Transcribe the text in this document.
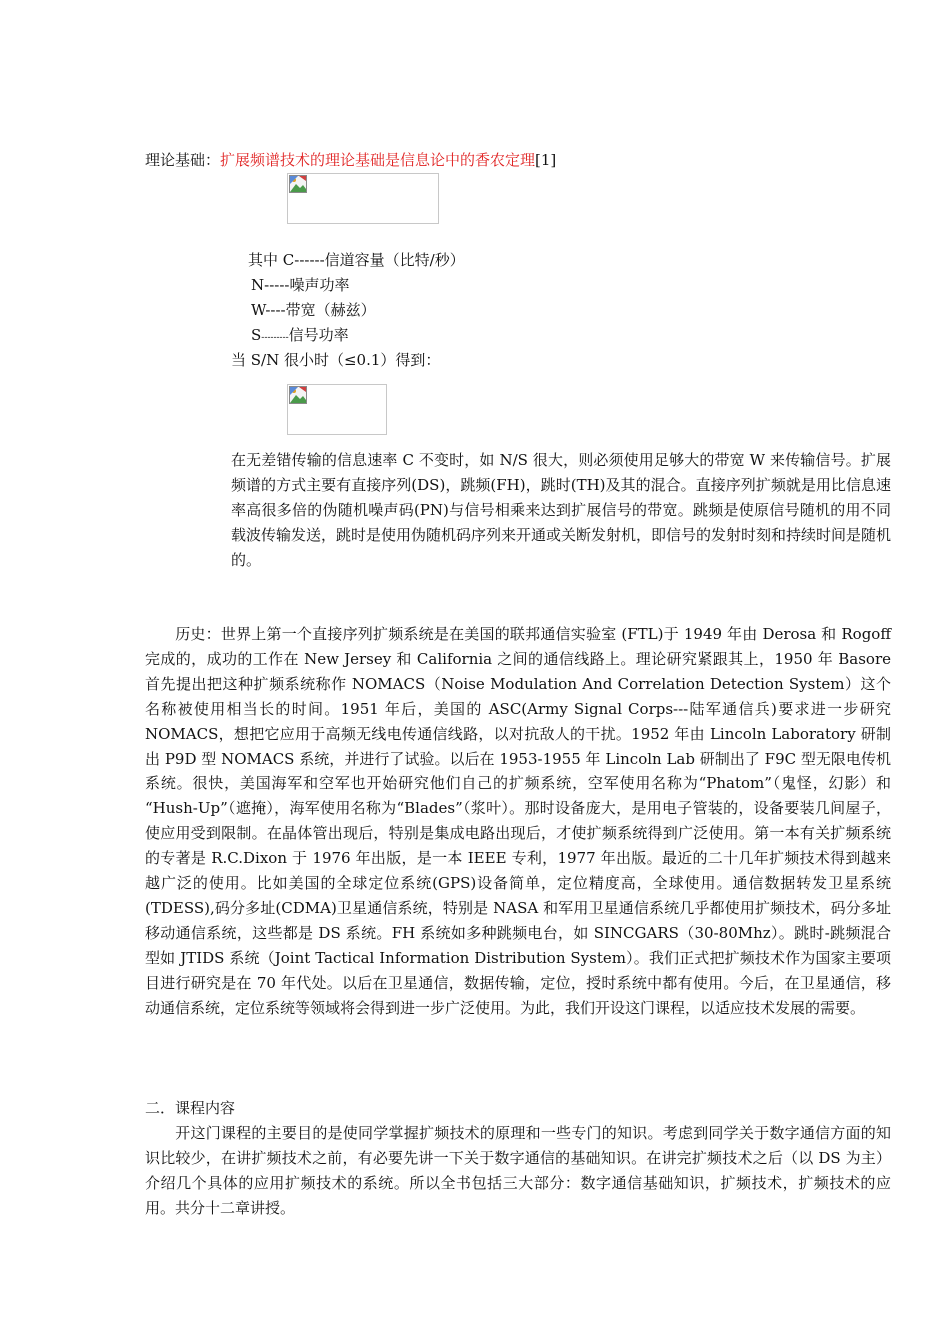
理论基础：扩展频谱技术的理论基础是信息论中的香农定理[1]
其中 C------信道容量（比特/秒）
N-----噪声功率
W----带宽（赫兹）
S---------信号功率
当 S/N 很小时（≤0.1）得到：
在无差错传输的信息速率 C 不变时，如 N/S 很大，则必须使用足够大的带宽 W 来传输信号。扩展频谱的方式主要有直接序列(DS)，跳频(FH)，跳时(TH)及其的混合。直接序列扩频就是用比信息速率高很多倍的伪随机噪声码(PN)与信号相乘来达到扩展信号的带宽。跳频是使原信号随机的用不同载波传输发送，跳时是使用伪随机码序列来开通或关断发射机，即信号的发射时刻和持续时间是随机的。
历史：世界上第一个直接序列扩频系统是在美国的联邦通信实验室 (FTL)于 1949 年由 Derosa 和 Rogoff 完成的，成功的工作在 New Jersey 和 California 之间的通信线路上。理论研究紧跟其上，1950 年 Basore 首先提出把这种扩频系统称作 NOMACS（Noise Modulation And Correlation Detection System）这个名称被使用相当长的时间。1951 年后，美国的 ASC(Army Signal Corps---陆军通信兵)要求进一步研究 NOMACS，想把它应用于高频无线电传通信线路，以对抗敌人的干扰。1952 年由 Lincoln Laboratory 研制出 P9D 型 NOMACS 系统，并进行了试验。以后在 1953-1955 年 Lincoln Lab 研制出了 F9C 型无限电传机系统。很快，美国海军和空军也开始研究他们自己的扩频系统，空军使用名称为“Phatom”（鬼怪，幻影）和 “Hush-Up”（遮掩），海军使用名称为“Blades”（浆叶）。那时设备庞大，是用电子管装的，设备要装几间屋子，使应用受到限制。在晶体管出现后，特别是集成电路出现后，才使扩频系统得到广泛使用。第一本有关扩频系统的专著是 R.C.Dixon 于 1976 年出版，是一本 IEEE 专利，1977 年出版。最近的二十几年扩频技术得到越来越广泛的使用。比如美国的全球定位系统(GPS)设备简单，定位精度高，全球使用。通信数据转发卫星系统(TDESS),码分多址(CDMA)卫星通信系统，特别是 NASA 和军用卫星通信系统几乎都使用扩频技术，码分多址移动通信系统，这些都是 DS 系统。FH 系统如多种跳频电台，如 SINCGARS（30-80Mhz）。跳时-跳频混合型如 JTIDS 系统（Joint Tactical Information Distribution System）。我们正式把扩频技术作为国家主要项目进行研究是在 70 年代处。以后在卫星通信，数据传输，定位，授时系统中都有使用。今后，在卫星通信，移动通信系统，定位系统等领域将会得到进一步广泛使用。为此，我们开设这门课程，以适应技术发展的需要。
二．课程内容
开这门课程的主要目的是使同学掌握扩频技术的原理和一些专门的知识。考虑到同学关于数字通信方面的知识比较少，在讲扩频技术之前，有必要先讲一下关于数字通信的基础知识。在讲完扩频技术之后（以 DS 为主）介绍几个具体的应用扩频技术的系统。所以全书包括三大部分：数字通信基础知识，扩频技术，扩频技术的应用。共分十二章讲授。
